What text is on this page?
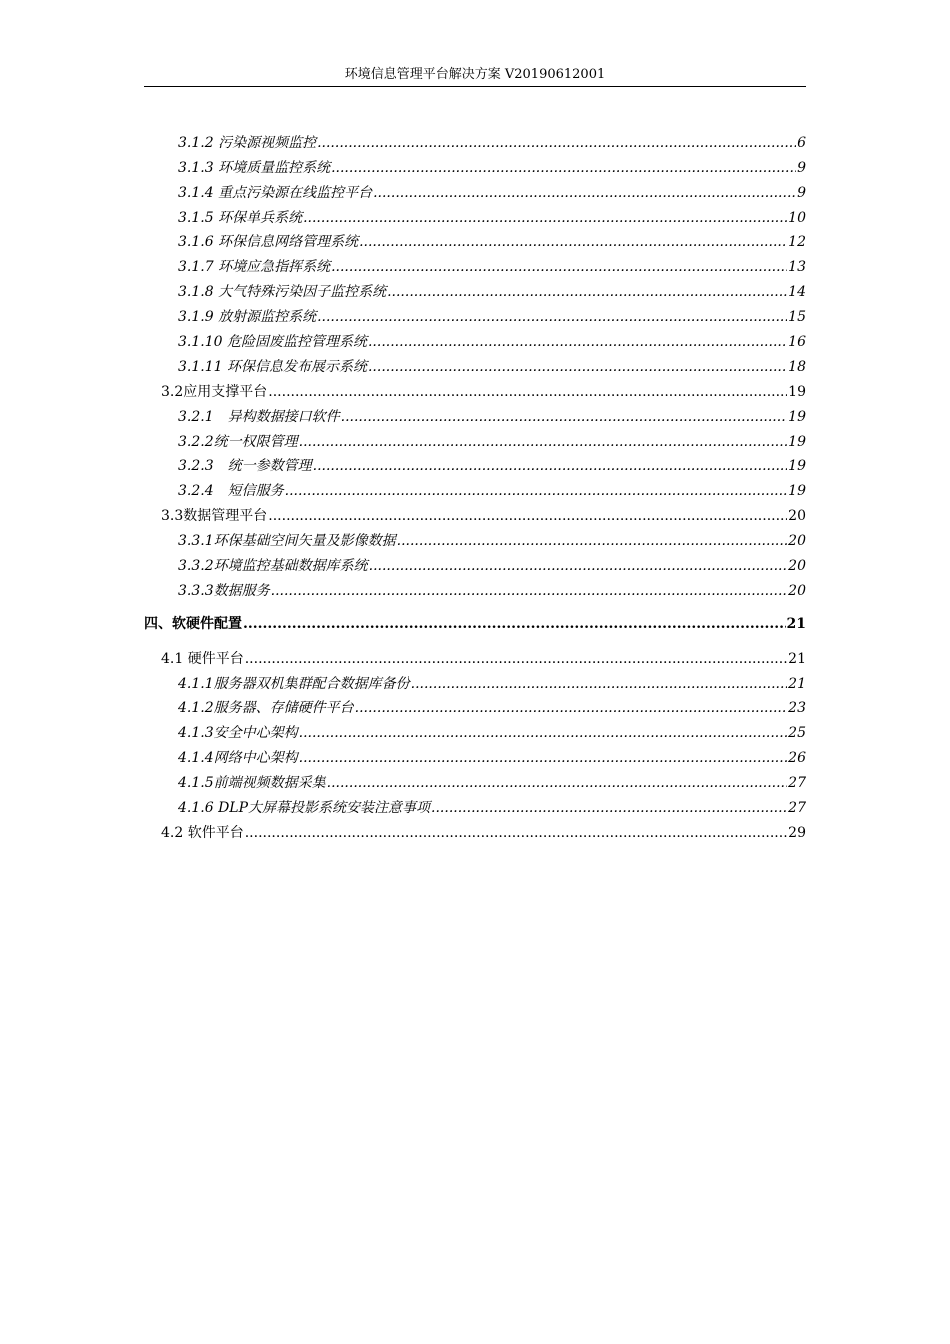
环境信息管理平台解决方案 V20190612001
3.1.2 污染源视频监控 .....	6
3.1.3 环境质量监控系统 .....	9
3.1.4 重点污染源在线监控平台 .....	9
3.1.5 环保单兵系统 .....	10
3.1.6 环保信息网络管理系统 .....	12
3.1.7 环境应急指挥系统 .....	13
3.1.8 大气特殊污染因子监控系统 .....	14
3.1.9 放射源监控系统 .....	15
3.1.10 危险固废监控管理系统 .....	16
3.1.11 环保信息发布展示系统 .....	18
3.2应用支撑平台 .....	19
3.2.1　异构数据接口软件 .....	19
3.2.2统一权限管理 .....	19
3.2.3　统一参数管理 .....	19
3.2.4　短信服务 .....	19
3.3数据管理平台 .....	20
3.3.1环保基础空间矢量及影像数据 .....	20
3.3.2环境监控基础数据库系统 .....	20
3.3.3数据服务 .....	20
四、软硬件配置 .....	21
4.1 硬件平台 .....	21
4.1.1服务器双机集群配合数据库备份 .....	21
4.1.2服务器、存储硬件平台 .....	23
4.1.3安全中心架构 .....	25
4.1.4网络中心架构 .....	26
4.1.5前端视频数据采集 .....	27
4.1.6 DLP大屏幕投影系统安装注意事项 .....	27
4.2 软件平台 .....	29
